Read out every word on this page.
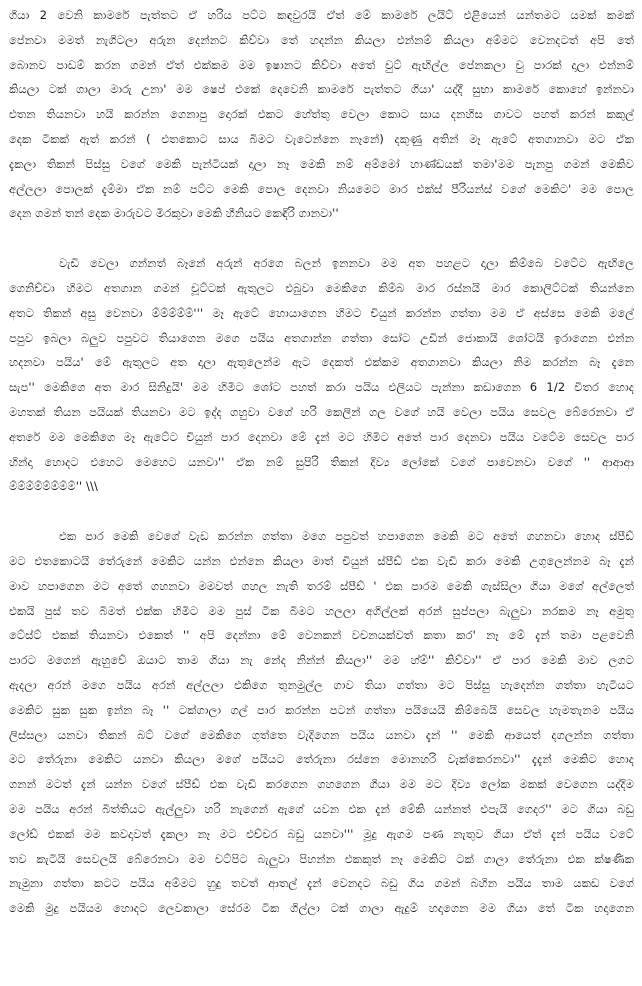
ගියා 2 වෙනි කාමරේ පැත්තට ඒ හරිය පට්ට කඳවුරයි ඒත් මේ කාමරේ ලයිට් එළියෙන් යන්තමට යමක් කමක්
පේනවා මමත් නැගිටලා අරුන දෙන්නට කිව්වා තේ හදන්න කියලා එන්නම් කියලා අම්මට වෙනදටත් අපි තේ
බොනව පාඩම් කරන ගමන් ඒත් එක්කම මම ඉෂානට කිව්වා අතේ චුට් ඇඟිල්ල පේනකලා චු පාරක් දාලා එන්නම්
කියලා ටක් ගාලා මාරු උනා' මම ෂෙප් එකේ දෙවෙනි කාමරේ පැත්තට ගියා' යද්දී සුභා කාමරේ කොහේ ඉන්නවා
එතන තියනවා හයි කරන්න ගෙනාපු දොරක් එකට හේත්තු වෙලා කොට සාය දනහිස ගාවට පහත් කරන් කකුල්
දෙක ටිකක් ඇත් කරන් ( එතකොට සාය බිමට වැටෙන්නෙ නෑනේ) දකුණු අතින් මෑ ඇටේ අතගානවා මට ඒක
දැකලා තිකන් පිස්සු වගේ මෙකි පැන්ටියක් දාලා නෑ මෙකි නම් අම්මෝ හාණ්ඩයක් තමා'මම පැනපු ගමන් මෙකිව
අල්ලලා පොලක් දැම්මා ඒක නම් පට්ට මෙකි පොල දෙනවා නියමෙට මාර එක්ස් පීරියන්ස් වගේ මෙකිට' මම පොල
දෙන ගමන් තන් දෙක මාරුවට මිරකුවා මෙකි හීනියට කෙඳිරි ගානවා''
වැඩි වෙලා ගන්නත් බෑනේ අරුන් අරගෙ බලන් ඉනනවා මම අත පහළට දාලා කිම්බෙ වටේට ඇඟිලෙ
ගෙනිච්චා හිමට අතගාන ගමන් චූට්ටක් ඇතුලට එබුවා මෙකිගෙ කිම්බ මාර රස්නයි මාර කොලිට්ටක් තියන්නෙ
අතට තිකන් අසු වෙනවා ම්ම්ම්ම්ම්''' මෑ ඇටේ හොයාගෙන හිමට චියුන් කරන්න ගත්තා මම ඒ අස්සෙ මෙකි මලේ
පපුව ඉබලා බලුව පපුවට තියාගෙන මගෙ පයිය අතගාන්න ගත්තා සෝට උඩින් ජොකායි ශෝටයි ඉරාගෙන එන්න
හදනවා පයිය' මේ ඇතුලට අත දාලා ඇතුලෙන්ම ඇට දෙකත් එක්කම අතගානවා කියලා නිම කරන්න බෑ දැනෙ
සැප'' මෙකිගෙ අත මාර සිනිදුයි' මම හිමිට ශෝට පහත් කරා පයිය එලියට පැන්නා කඩාගෙන 6 1/2 විතර හොද
මහතක් තියන පයියක් තියනවා මට ඉද්ද ගහුවා වගේ හරි කෙලින් ගල වගේ හයි වෙලා පයිය සෙවල බේරෙනවා ඒ
අතරේ මම මෙකිගෙ මෑ ඇටේට චියුන් පාර දෙනවා මේ දැන් මට හිමිට අතේ පාර දෙනවා පයිය වටේම සෙවල පාර
හින්දා හොදට එහෙට මෙහෙට යනවා'' ඒක නම් සුපිරි තිකන් දිව්‍ය ලෝකේ වගේ පාවෙනවා වගේ '' ආආආ
ම්ම්ම්ම්ම්ම්ම්ම්'' \\\
එක පාර මෙකි වෙගේ වැඩ කරන්න ගත්තා මගෙ පපුවත් හපාගෙන මෙකි මට අතේ ගහනවා හොද ස්පීඩ්
මට එතකොටයි තේරුනේ මෙකිට යන්න එන්නෙ කියලා මාත් චියුන් ස්පීඩ් එක වැඩි කරා මෙකි උගුලෙන්නම බෑ දැන්
මාව හපාගෙන මට අතේ ගහනවා මමවත් ගහල නැති තරම් ස්පීඩ් ' එක පාරම මෙකි ගැස්සිලා ගියා මගේ අල්ලෙත්
එකයි පුස් තව බිමත් එක්ක හිමිට මම පුස් ටික බිමට හලලා අගිල්ලක් අරන් සුප්පලා බැලුවා නරකම නෑ අමුතු
ටේස්ට් එකක් තියනවා එකෙත් '' අපි දෙන්නා මේ වෙනකන් වචනයක්වත් කතා කර' නෑ මේ දැන් තමා පළවෙනි
පාරට මගෙන් ඇහුවේ ඔයාට තාම ගියා නැ නේද නින්න් කියලා'' මම හ්ම්'' කිව්වා'' ඒ පාර මෙකි මාව ලගට
ඇදලා අරන් මගෙ පයිය අරන් අල්ලලා එකිගෙ තුනමුල්ල ගාව තියා ගත්තා මට පිස්සු හැදෙන්න ගත්තා හැටියට
මෙකිට සුක සුක ඉන්න බෑ '' ටක්ගාලා ගල් පාර කරන්න පටන් ගත්තා පයියෙයි කිම්බෙයි සෙවල හැමතැනම පයිය
ලිස්සලා යනවා තිකන් බට් වගේ මෙකිගෙ ගුත්තෙ වැදිගෙන පයිය යනවා දැන් '' මෙකි ආයෙත් දගලන්න ගත්තා
මට තේරුනා මෙකිට යනවා කියලා මගේ පයියට තේරුනා රස්නෙ මොනහරි වැක්කෙරනවා'' දැදැන් මෙකිට හොද
ගනන් මටත් දැන් යන්න වගේ ස්පීඩ් එක වැඩි කරගෙන ගහගෙන ගියා මම මට දිව්‍ය ලෝක මකක් වෙගෙන යද්දිම
මම පයිය අරන් බිත්තියට ඇල්ලුවා හරි නැගෙන් ඇගේ යවන එක දැන් මේකි යන්නත් එපැයි ගෙදර'' මට ගියා බඩු
ලෝඩ් එකක් මම කවදාවත් දැකලා නෑ මට එච්චර බඩු යනවා''' මූදු ඇගම පණ නැතුව ගියා ඒත් දැන් පයිය වටේ
තව කැටියි සෙවලයි බේරෙනවා මම චට්පිට බැලුවා පිහන්න එකකුත් නෑ මෙකිට ටක් ගාලා තේරුනා එක ක්ෂණික
නැමුනා ගත්තා කටට පයිය අම්මට හුදු තවත් ආතල් දැන් වෙනදට බඩු ගිය ගමන් බහින පයිය තාම යකඩ වගේ
මෙකි මුදු පයියම හොදට ලෙවකාලා සේරම ටික ගිල්ලා ටක් ගාලා ඇදුම් හදාගෙන මම ගියා තේ ටික හදාගෙන
